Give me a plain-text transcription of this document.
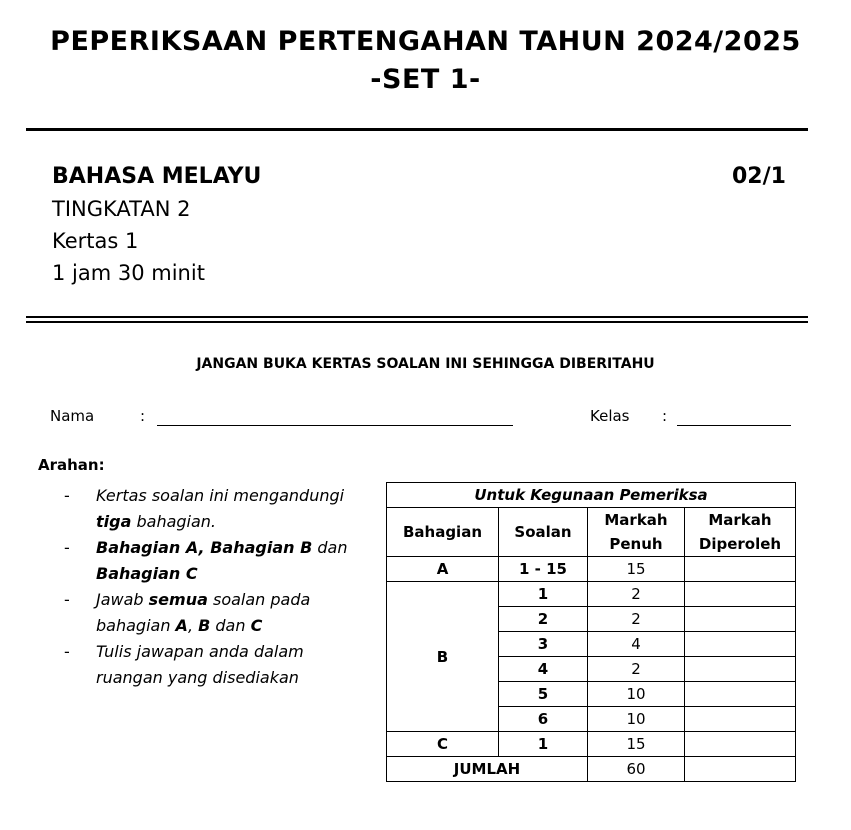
PEPERIKSAAN PERTENGAHAN TAHUN 2024/2025
-SET 1-
BAHASA MELAYU	02/1
TINGKATAN 2
Kertas 1
1 jam 30 minit
JANGAN BUKA KERTAS SOALAN INI SEHINGGA DIBERITAHU
Nama	:	Kelas :
Arahan:
- Kertas soalan ini mengandungi tiga bahagian.
- Bahagian A, Bahagian B dan Bahagian C
- Jawab semua soalan pada bahagian A, B dan C
- Tulis jawapan anda dalam ruangan yang disediakan
Untuk Kegunaan Pemeriksa			
Bahagian	Soalan	Markah	Markah
		Penuh	Diperoleh
A	1 - 15	15	
B	1	2	
	2	2	
	3	4	
	4	2	
	5	10	
	6	10	
C	1	15	
JUMLAH		60	
